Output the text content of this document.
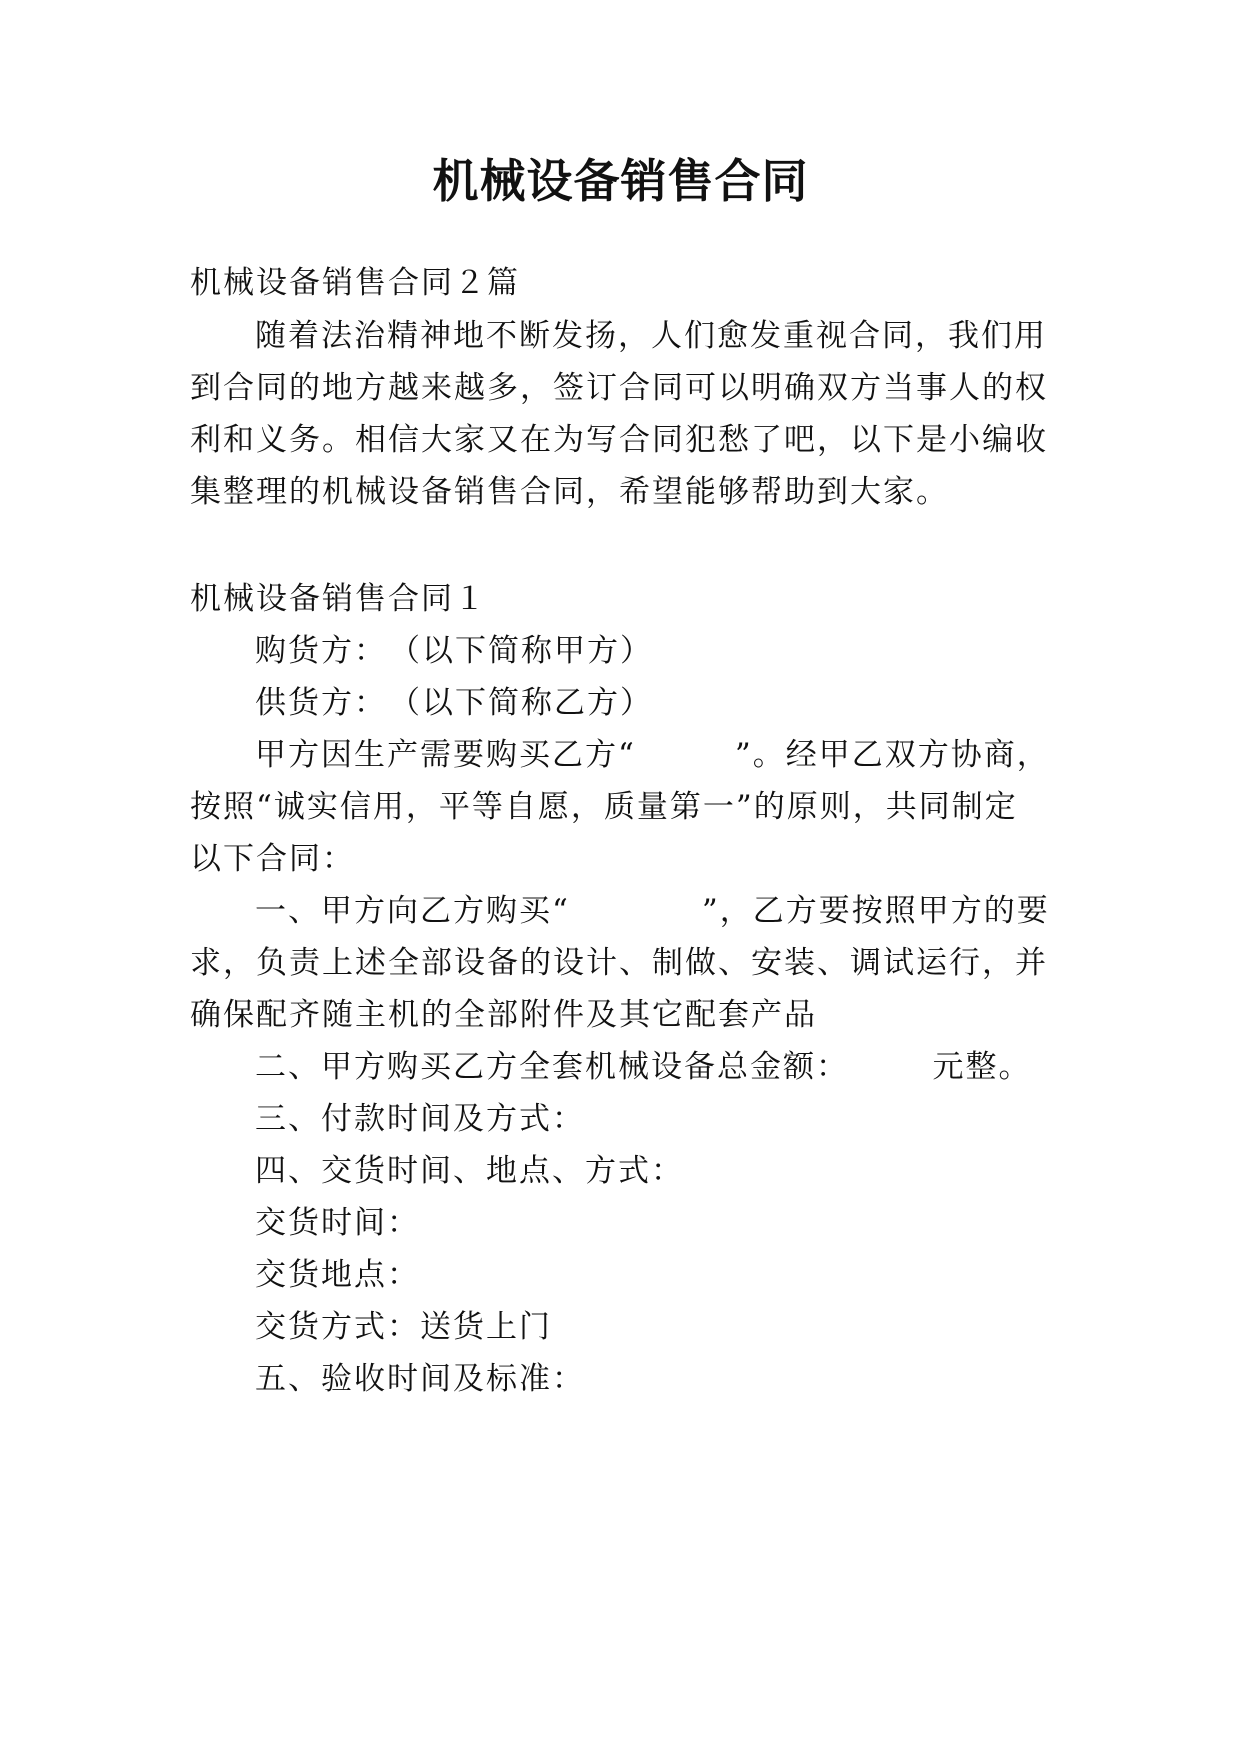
机械设备销售合同

机械设备销售合同２篇

随着法治精神地不断发扬，人们愈发重视合同，我们用

到合同的地方越来越多，签订合同可以明确双方当事人的权

利和义务。相信大家又在为写合同犯愁了吧，以下是小编收

集整理的机械设备销售合同，希望能够帮助到大家。

机械设备销售合同１

购货方：　（以下简称甲方）

供货方：　（以下简称乙方）

甲方因生产需要购买乙方“　　　”。经甲乙双方协商，

按照“诚实信用，平等自愿，质量第一”的原则，共同制定

以下合同：

一、甲方向乙方购买“　　　　”，乙方要按照甲方的要

求，负责上述全部设备的设计、制做、安装、调试运行，并

确保配齐随主机的全部附件及其它配套产品

二、甲方购买乙方全套机械设备总金额：　　　元整。

三、付款时间及方式：

四、交货时间、地点、方式：

交货时间：

交货地点：

交货方式：送货上门

五、验收时间及标准：
